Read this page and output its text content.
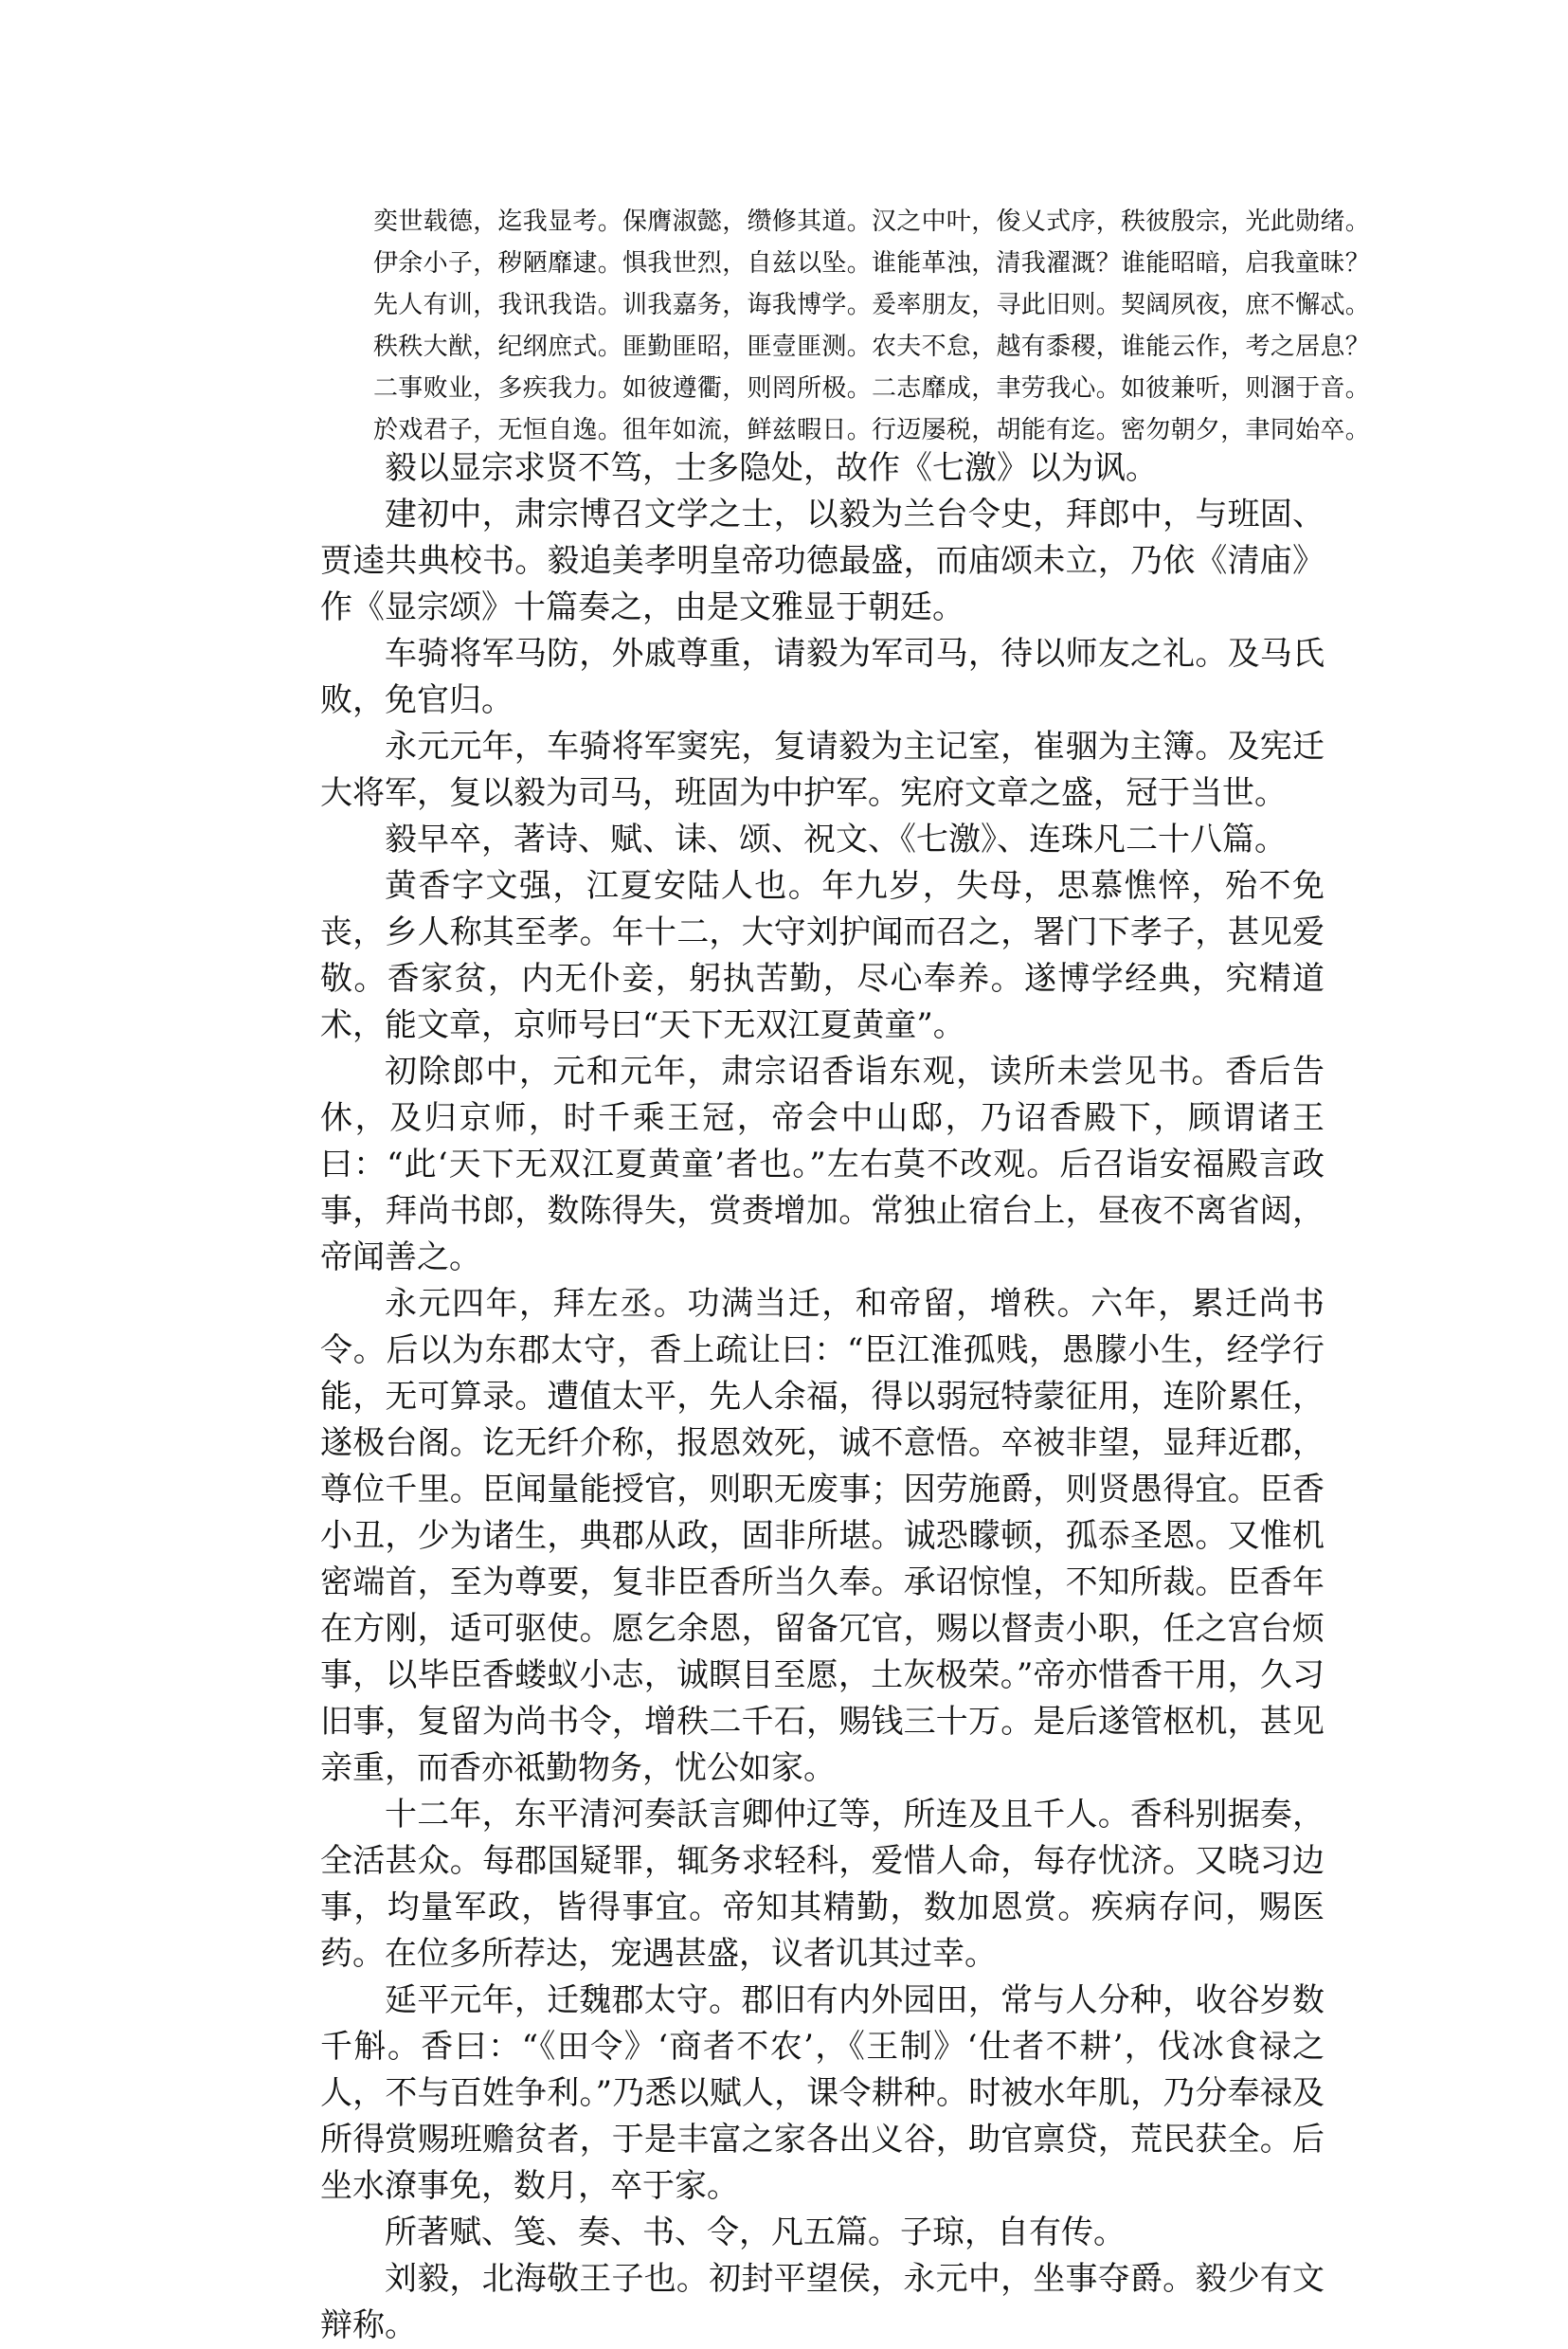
奕世载德，迄我显考。保膺淑懿，缵修其道。汉之中叶，俊乂式序，秩彼殷宗，光此勋绪。
伊余小子，秽陋靡逮。惧我世烈，自兹以坠。谁能革浊，清我濯溉？谁能昭暗，启我童昧？
先人有训，我讯我诰。训我嘉务，诲我博学。爰率朋友，寻此旧则。契阔夙夜，庶不懈忒。
秩秩大猷，纪纲庶式。匪勤匪昭，匪壹匪测。农夫不怠，越有黍稷，谁能云作，考之居息？
二事败业，多疾我力。如彼遵衢，则罔所极。二志靡成，聿劳我心。如彼兼听，则溷于音。
於戏君子，无恒自逸。徂年如流，鲜兹暇日。行迈屡税，胡能有迄。密勿朝夕，聿同始卒。

毅以显宗求贤不笃，士多隐处，故作《七激》以为讽。

建初中，肃宗博召文学之士，以毅为兰台令史，拜郎中，与班固、贾逵共典校书。毅追美孝明皇帝功德最盛，而庙颂未立，乃依《清庙》作《显宗颂》十篇奏之，由是文雅显于朝廷。

车骑将军马防，外戚尊重，请毅为军司马，待以师友之礼。及马氏败，免官归。

永元元年，车骑将军窦宪，复请毅为主记室，崔骃为主簿。及宪迁大将军，复以毅为司马，班固为中护军。宪府文章之盛，冠于当世。

毅早卒，著诗、赋、诔、颂、祝文、《七激》、连珠凡二十八篇。

黄香字文强，江夏安陆人也。年九岁，失母，思慕憔悴，殆不免丧，乡人称其至孝。年十二，大守刘护闻而召之，署门下孝子，甚见爱敬。香家贫，内无仆妾，躬执苦勤，尽心奉养。遂博学经典，究精道术，能文章，京师号曰“天下无双江夏黄童”。

初除郎中，元和元年，肃宗诏香诣东观，读所未尝见书。香后告休，及归京师，时千乘王冠，帝会中山邸，乃诏香殿下，顾谓诸王曰：“此‘天下无双江夏黄童’者也。”左右莫不改观。后召诣安福殿言政事，拜尚书郎，数陈得失，赏赉增加。常独止宿台上，昼夜不离省闼，帝闻善之。

永元四年，拜左丞。功满当迁，和帝留，增秩。六年，累迁尚书令。后以为东郡太守，香上疏让曰：“臣江淮孤贱，愚朦小生，经学行能，无可算录。遭值太平，先人余福，得以弱冠特蒙征用，连阶累任，遂极台阁。讫无纤介称，报恩效死，诚不意悟。卒被非望，显拜近郡，尊位千里。臣闻量能授官，则职无废事；因劳施爵，则贤愚得宜。臣香小丑，少为诸生，典郡从政，固非所堪。诚恐矇顿，孤忝圣恩。又惟机密端首，至为尊要，复非臣香所当久奉。承诏惊惶，不知所裁。臣香年在方刚，适可驱使。愿乞余恩，留备冗官，赐以督责小职，任之宫台烦事，以毕臣香蝼蚁小志，诚瞑目至愿，土灰极荣。”帝亦惜香干用，久习旧事，复留为尚书令，增秩二千石，赐钱三十万。是后遂管枢机，甚见亲重，而香亦祗勤物务，忧公如家。

十二年，东平清河奏訞言卿仲辽等，所连及且千人。香科别据奏，全活甚众。每郡国疑罪，辄务求轻科，爱惜人命，每存忧济。又晓习边事，均量军政，皆得事宜。帝知其精勤，数加恩赏。疾病存问，赐医药。在位多所荐达，宠遇甚盛，议者讥其过幸。

延平元年，迁魏郡太守。郡旧有内外园田，常与人分种，收谷岁数千斛。香曰：“《田令》‘商者不农’，《王制》‘仕者不耕’，伐冰食禄之人，不与百姓争利。”乃悉以赋人，课令耕种。时被水年肌，乃分奉禄及所得赏赐班赡贫者，于是丰富之家各出义谷，助官禀贷，荒民获全。后坐水潦事免，数月，卒于家。

所著赋、笺、奏、书、令，凡五篇。子琼，自有传。

刘毅，北海敬王子也。初封平望侯，永元中，坐事夺爵。毅少有文辩称。
